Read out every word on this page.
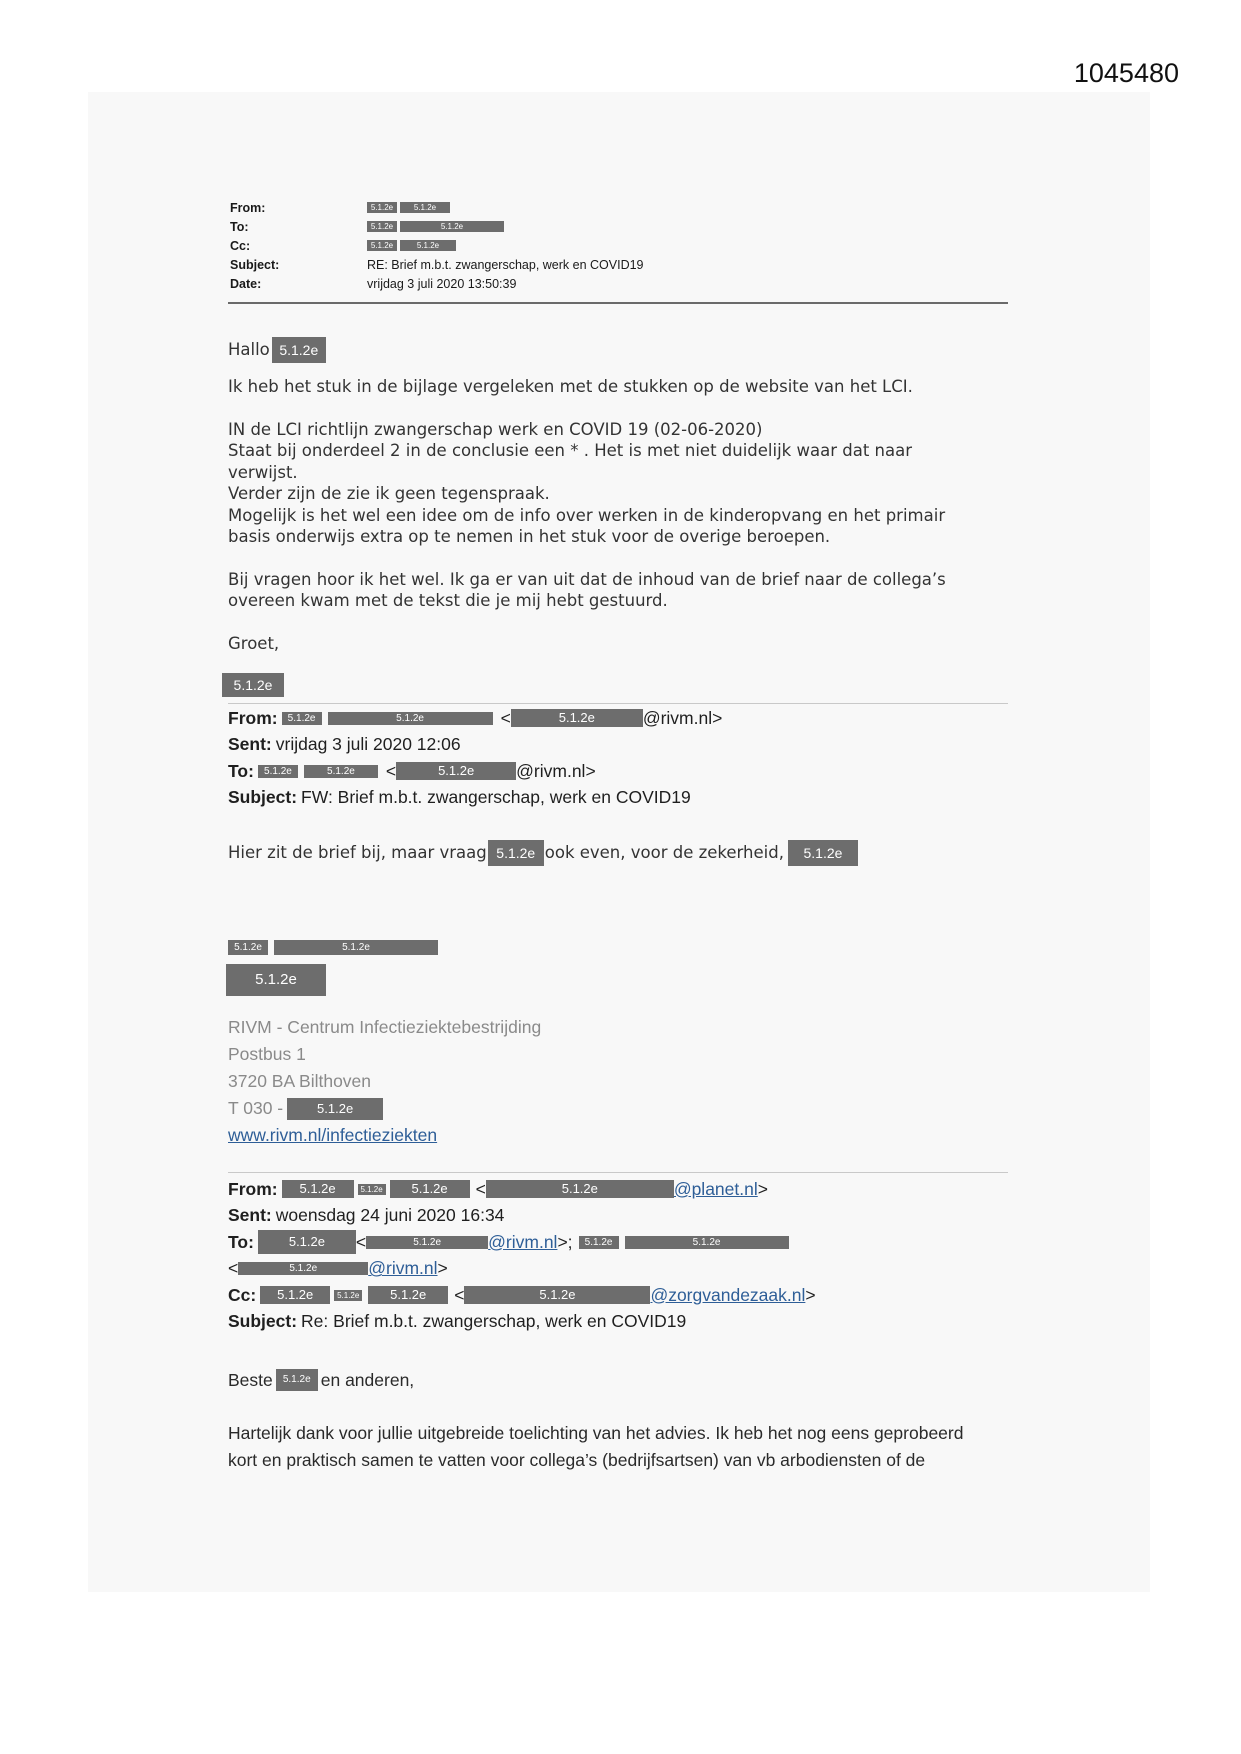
1045480
From:	5.1.2e	5.1.2e
To:	5.1.2e	5.1.2e
Cc:	5.1.2e	5.1.2e
Subject:	RE: Brief m.b.t. zwangerschap, werk en COVID19
Date:	vrijdag 3 juli 2020 13:50:39

Hallo 5.1.2e

Ik heb het stuk in de bijlage vergeleken met de stukken op de website van het LCI.

IN de LCI richtlijn zwangerschap werk en COVID 19 (02-06-2020)

Staat bij onderdeel 2 in de conclusie een * . Het is met niet duidelijk waar dat naar

verwijst.

Verder zijn de zie ik geen tegenspraak.

Mogelijk is het wel een idee om de info over werken in de kinderopvang en het primair

basis onderwijs extra op te nemen in het stuk voor de overige beroepen.

Bij vragen hoor ik het wel. Ik ga er van uit dat de inhoud van de brief naar de collega’s

overeen kwam met de tekst die je mij hebt gestuurd.

Groet,

5.1.2e
From:	5.1.2e	5.1.2e	<	5.1.2e	@rivm.nl>
Sent: vrijdag 3 juli 2020 12:06
To:	5.1.2e	5.1.2e	<	5.1.2e	@rivm.nl>
Subject: FW: Brief m.b.t. zwangerschap, werk en COVID19
Hier zit de brief bij, maar vraag 5.1.2e ook even, voor de zekerheid,	5.1.2e
5.1.2e	5.1.2e
5.1.2e
RIVM - Centrum Infectieziektebestrijding
Postbus 1
3720 BA Bilthoven
T 030 -	5.1.2e
www.rivm.nl/infectieziekten
From:	5.1.2e	5.1.2e	5.1.2e	<	5.1.2e	@planet.nl >
Sent: woensdag 24 juni 2020 16:34
To:	5.1.2e	<	5.1.2e	@rivm.nl >;	5.1.2e	5.1.2e
<	5.1.2e	@rivm.nl >
Cc:	5.1.2e	5.1.2e	5.1.2e	<	5.1.2e	@zorgvandezaak.nl >
Subject: Re: Brief m.b.t. zwangerschap, werk en COVID19
Beste	5.1.2e en anderen,

Hartelijk dank voor jullie uitgebreide toelichting van het advies. Ik heb het nog eens geprobeerd

kort en praktisch samen te vatten voor collega’s (bedrijfsartsen) van vb arbodiensten of de
